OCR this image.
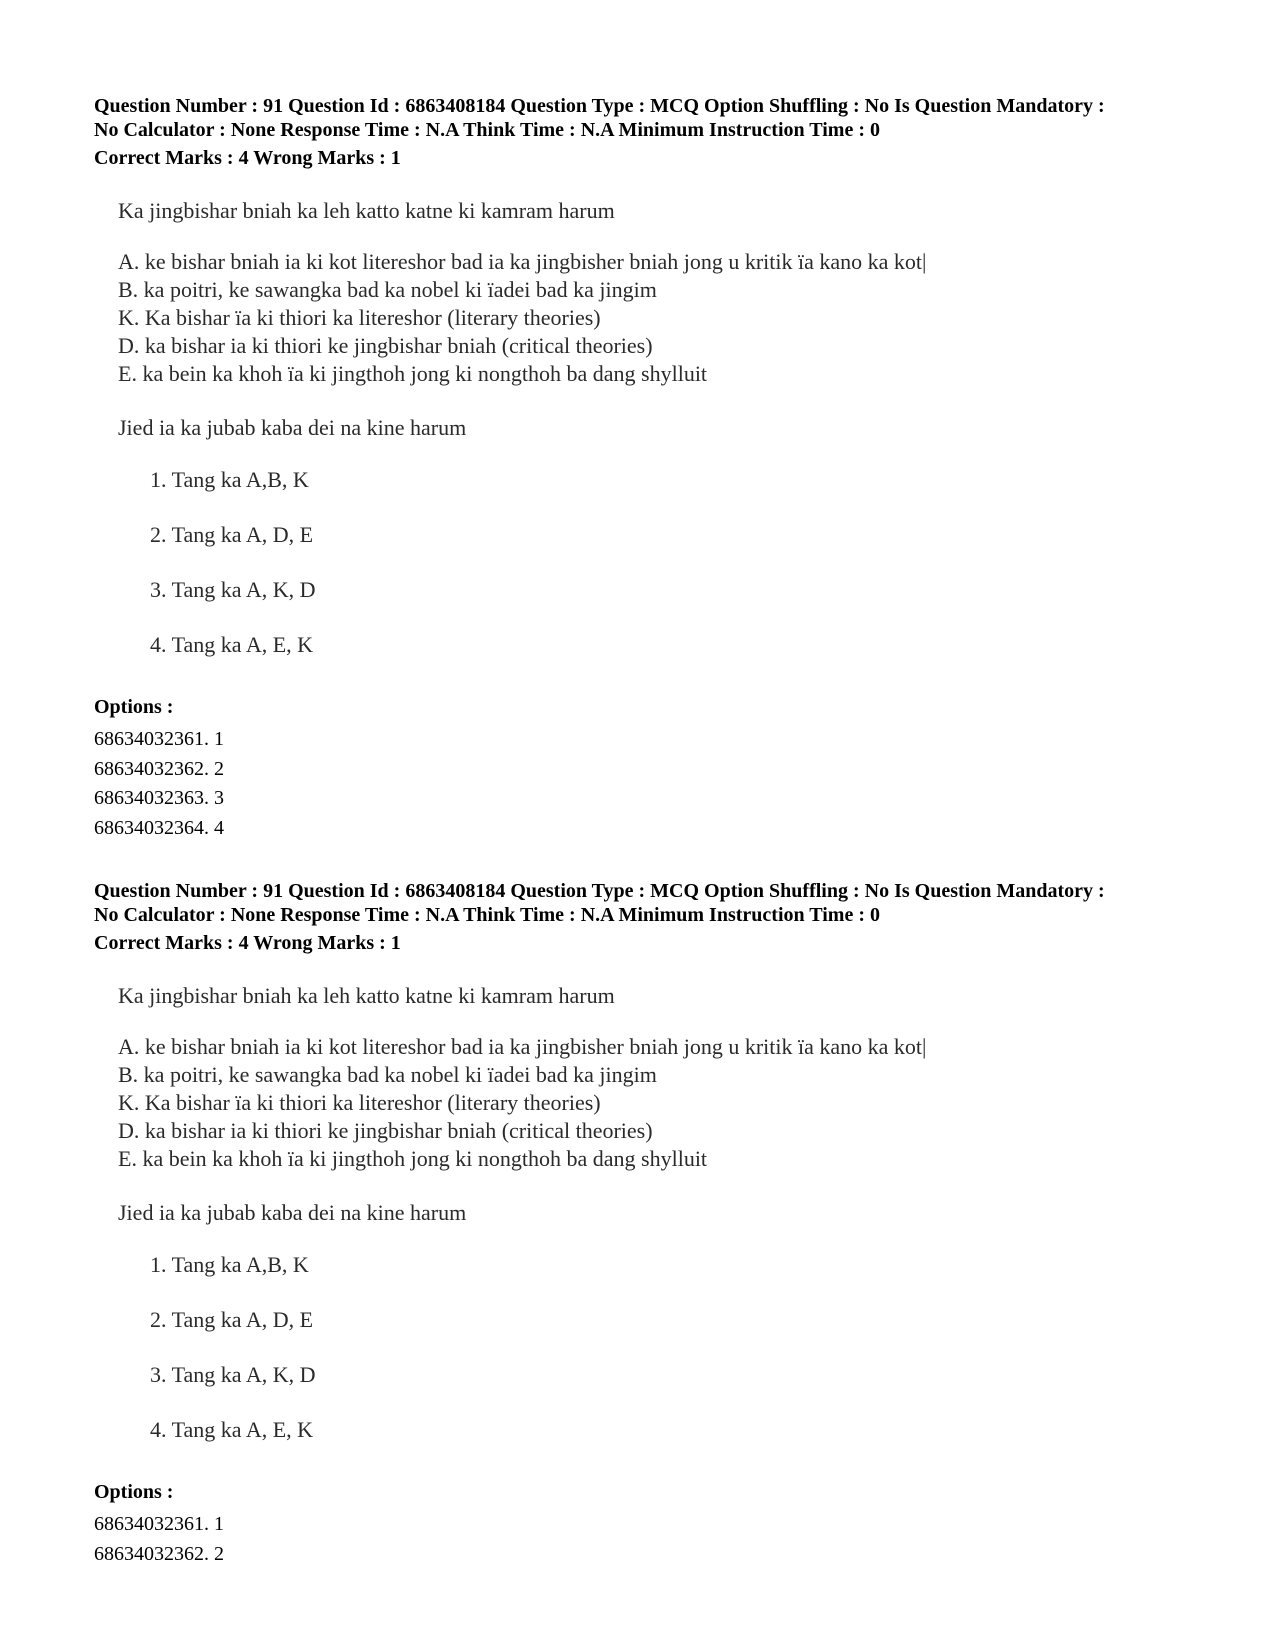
Question Number : 91 Question Id : 6863408184 Question Type : MCQ Option Shuffling : No Is Question Mandatory :
No Calculator : None Response Time : N.A Think Time : N.A Minimum Instruction Time : 0
Correct Marks : 4 Wrong Marks : 1
Ka jingbishar bniah ka leh katto katne ki kamram harum
A. ke bishar bniah ia ki kot litereshor bad ia ka jingbisher bniah jong u kritik ïa kano ka kot|
B. ka poitri, ke sawangka bad ka nobel ki ïadei bad ka jingim
K. Ka bishar ïa ki thiori ka litereshor (literary theories)
D. ka bishar ia ki thiori ke jingbishar bniah (critical theories)
E. ka bein ka khoh ïa ki jingthoh jong ki nongthoh ba dang shylluit
Jied ia ka jubab kaba dei na kine harum
1. Tang ka A,B, K
2. Tang ka A, D, E
3. Tang ka A, K, D
4. Tang ka A, E, K
Options :
68634032361. 1
68634032362. 2
68634032363. 3
68634032364. 4
Question Number : 91 Question Id : 6863408184 Question Type : MCQ Option Shuffling : No Is Question Mandatory :
No Calculator : None Response Time : N.A Think Time : N.A Minimum Instruction Time : 0
Correct Marks : 4 Wrong Marks : 1
Ka jingbishar bniah ka leh katto katne ki kamram harum
A. ke bishar bniah ia ki kot litereshor bad ia ka jingbisher bniah jong u kritik ïa kano ka kot|
B. ka poitri, ke sawangka bad ka nobel ki ïadei bad ka jingim
K. Ka bishar ïa ki thiori ka litereshor (literary theories)
D. ka bishar ia ki thiori ke jingbishar bniah (critical theories)
E. ka bein ka khoh ïa ki jingthoh jong ki nongthoh ba dang shylluit
Jied ia ka jubab kaba dei na kine harum
1. Tang ka A,B, K
2. Tang ka A, D, E
3. Tang ka A, K, D
4. Tang ka A, E, K
Options :
68634032361. 1
68634032362. 2
